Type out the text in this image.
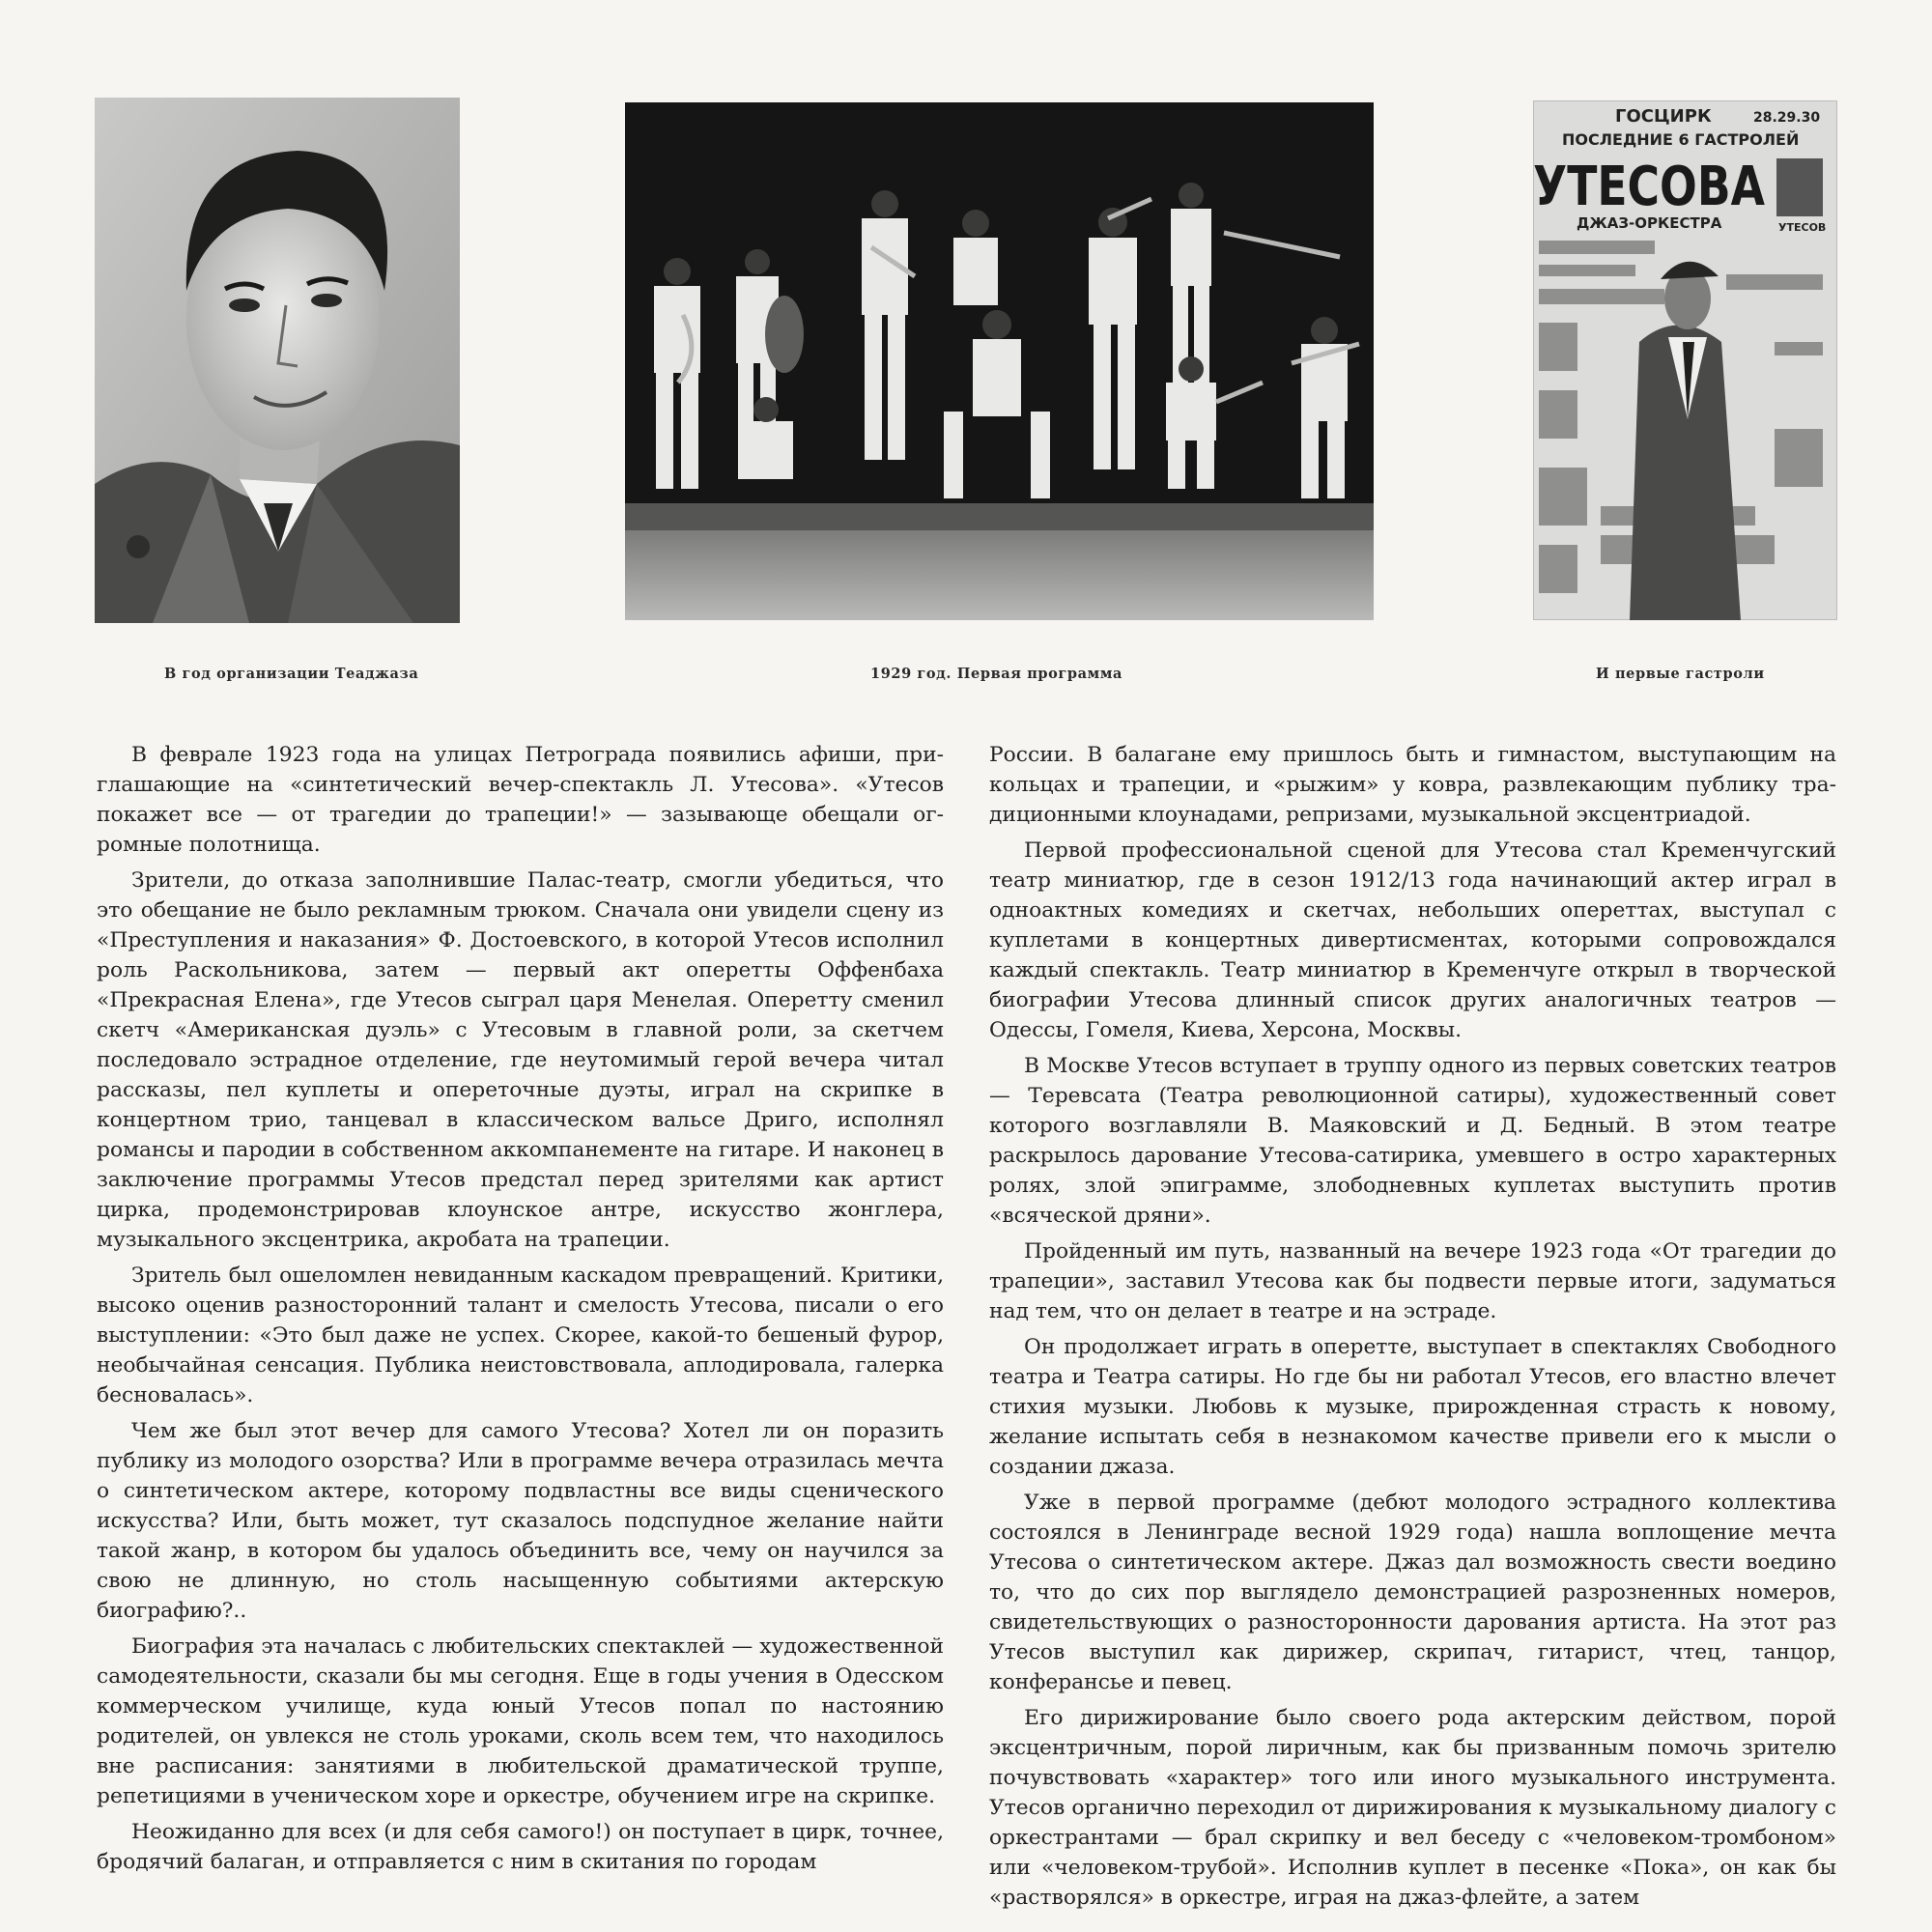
ГОСЦИРК	28.29.30
ПОСЛЕДНИЕ 6 ГАСТРОЛЕЙ
УТЕСОВА
ДЖАЗ-ОРКЕСТРА	УТЕСОВ
В год организации Теаджаза	1929 год. Первая программа	И первые гастроли

В феврале 1923 года на улицах Петрограда появились афиши, приглашающие на «синтетический вечер-спектакль Л. Утесова». «Утесов покажет все — от трагедии до трапеции!» — зазывающе обещали огромные полотнища.

Зрители, до отказа заполнившие Палас-театр, смогли убедиться, что это обещание не было рекламным трюком. Сначала они увидели сцену из «Преступления и наказания» Ф. Достоевского, в которой Утесов исполнил роль Раскольникова, затем — первый акт оперетты Оффенбаха «Прекрасная Елена», где Утесов сыграл царя Менелая. Оперетту сменил скетч «Американская дуэль» с Утесовым в главной роли, за скетчем последовало эстрадное отделение, где неутомимый герой вечера читал рассказы, пел куплеты и опереточные дуэты, играл на скрипке в концертном трио, танцевал в классическом вальсе Дриго, исполнял романсы и пародии в собственном аккомпанементе на гитаре. И наконец в заключение программы Утесов предстал перед зрителями как артист цирка, продемонстрировав клоунское антре, искусство жонглера, музыкального эксцентрика, акробата на трапеции.

Зритель был ошеломлен невиданным каскадом превращений. Критики, высоко оценив разносторонний талант и смелость Утесова, писали о его выступлении: «Это был даже не успех. Скорее, какой-то бешеный фурор, необычайная сенсация. Публика неистовствовала, аплодировала, галерка бесновалась».

Чем же был этот вечер для самого Утесова? Хотел ли он поразить публику из молодого озорства? Или в программе вечера отразилась мечта о синтетическом актере, которому подвластны все виды сценического искусства? Или, быть может, тут сказалось подспудное желание найти такой жанр, в котором бы удалось объединить все, чему он научился за свою не длинную, но столь насыщенную событиями актерскую биографию?..

Биография эта началась с любительских спектаклей — художественной самодеятельности, сказали бы мы сегодня. Еще в годы учения в Одесском коммерческом училище, куда юный Утесов попал по настоянию родителей, он увлекся не столь уроками, сколь всем тем, что находилось вне расписания: занятиями в любительской драматической труппе, репетициями в ученическом хоре и оркестре, обучением игре на скрипке.

Неожиданно для всех (и для себя самого!) он поступает в цирк, точнее, бродячий балаган, и отправляется с ним в скитания по городам

России. В балагане ему пришлось быть и гимнастом, выступающим на кольцах и трапеции, и «рыжим» у ковра, развлекающим публику традиционными клоунадами, репризами, музыкальной эксцентриадой.

Первой профессиональной сценой для Утесова стал Кременчугский театр миниатюр, где в сезон 1912/13 года начинающий актер играл в одноактных комедиях и скетчах, небольших опереттах, выступал с куплетами в концертных дивертисментах, которыми сопровождался каждый спектакль. Театр миниатюр в Кременчуге открыл в творческой биографии Утесова длинный список других аналогичных театров — Одессы, Гомеля, Киева, Херсона, Москвы.

В Москве Утесов вступает в труппу одного из первых советских театров — Теревсата (Театра революционной сатиры), художественный совет которого возглавляли В. Маяковский и Д. Бедный. В этом театре раскрылось дарование Утесова-сатирика, умевшего в остро характерных ролях, злой эпиграмме, злободневных куплетах выступить против «всяческой дряни».

Пройденный им путь, названный на вечере 1923 года «От трагедии до трапеции», заставил Утесова как бы подвести первые итоги, задуматься над тем, что он делает в театре и на эстраде.

Он продолжает играть в оперетте, выступает в спектаклях Свободного театра и Театра сатиры. Но где бы ни работал Утесов, его властно влечет стихия музыки. Любовь к музыке, прирожденная страсть к новому, желание испытать себя в незнакомом качестве привели его к мысли о создании джаза.

Уже в первой программе (дебют молодого эстрадного коллектива состоялся в Ленинграде весной 1929 года) нашла воплощение мечта Утесова о синтетическом актере. Джаз дал возможность свести воедино то, что до сих пор выглядело демонстрацией разрозненных номеров, свидетельствующих о разносторонности дарования артиста. На этот раз Утесов выступил как дирижер, скрипач, гитарист, чтец, танцор, конферансье и певец.

Его дирижирование было своего рода актерским действом, порой эксцентричным, порой лиричным, как бы призванным помочь зрителю почувствовать «характер» того или иного музыкального инструмента. Утесов органично переходил от дирижирования к музыкальному диалогу с оркестрантами — брал скрипку и вел беседу с «человеком-тромбоном» или «человеком-трубой». Исполнив куплет в песенке «Пока», он как бы «растворялся» в оркестре, играя на джаз-флейте, а затем
